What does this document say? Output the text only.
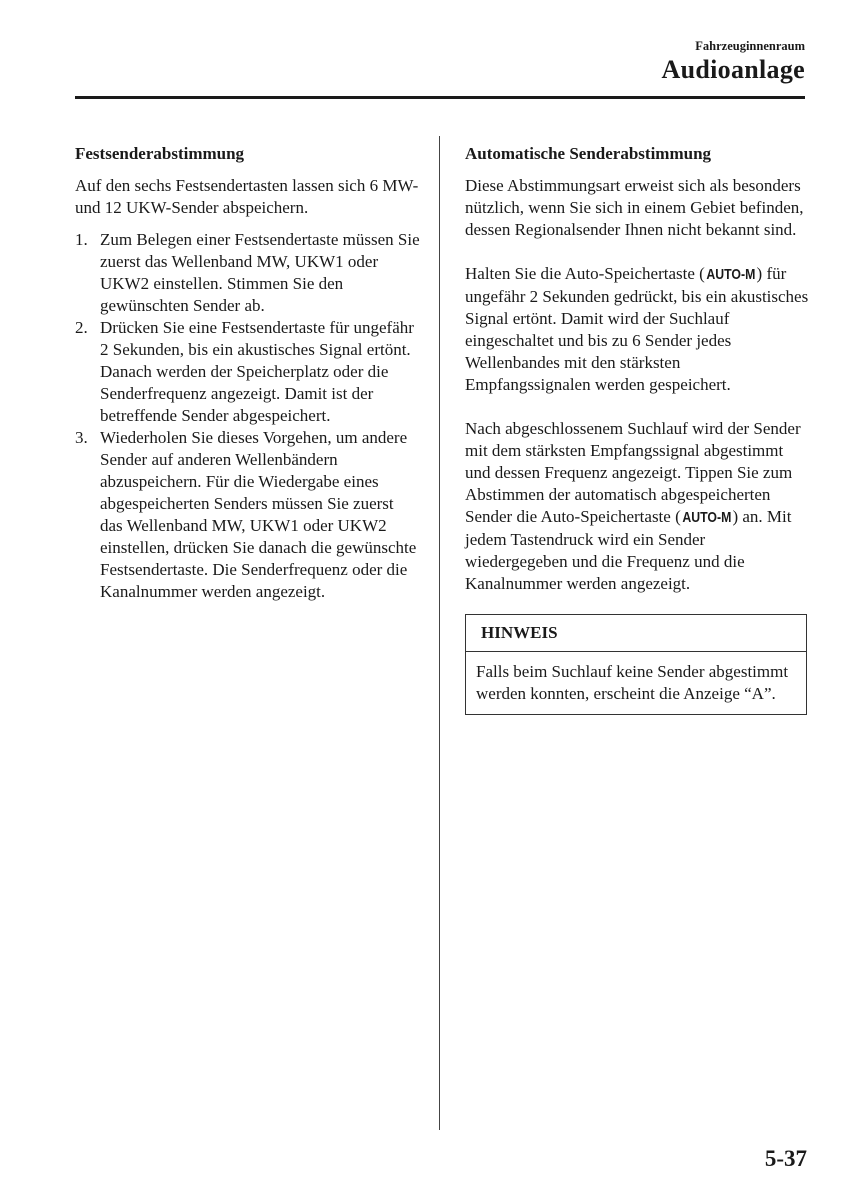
Fahrzeuginnenraum
Audioanlage
Festsenderabstimmung

Auf den sechs Festsendertasten lassen sich 6 MW- und 12 UKW-Sender abspeichern.

1. Zum Belegen einer Festsendertaste müssen Sie zuerst das Wellenband MW, UKW1 oder UKW2 einstellen. Stimmen Sie den gewünschten Sender ab.
2. Drücken Sie eine Festsendertaste für ungefähr 2 Sekunden, bis ein akustisches Signal ertönt. Danach werden der Speicherplatz oder die Senderfrequenz angezeigt. Damit ist der betreffende Sender abgespeichert.
3. Wiederholen Sie dieses Vorgehen, um andere Sender auf anderen Wellenbändern abzuspeichern. Für die Wiedergabe eines abgespeicherten Senders müssen Sie zuerst das Wellenband MW, UKW1 oder UKW2 einstellen, drücken Sie danach die gewünschte Festsendertaste. Die Senderfrequenz oder die Kanalnummer werden angezeigt.
Automatische Senderabstimmung

Diese Abstimmungsart erweist sich als besonders nützlich, wenn Sie sich in einem Gebiet befinden, dessen Regionalsender Ihnen nicht bekannt sind.

Halten Sie die Auto-Speichertaste (AUTO-M) für ungefähr 2 Sekunden gedrückt, bis ein akustisches Signal ertönt. Damit wird der Suchlauf eingeschaltet und bis zu 6 Sender jedes Wellenbandes mit den stärksten Empfangssignalen werden gespeichert.

Nach abgeschlossenem Suchlauf wird der Sender mit dem stärksten Empfangssignal abgestimmt und dessen Frequenz angezeigt. Tippen Sie zum Abstimmen der automatisch abgespeicherten Sender die Auto-Speichertaste (AUTO-M) an. Mit jedem Tastendruck wird ein Sender wiedergegeben und die Frequenz und die Kanalnummer werden angezeigt.

HINWEIS
Falls beim Suchlauf keine Sender abgestimmt werden konnten, erscheint die Anzeige “A”.
5-37
